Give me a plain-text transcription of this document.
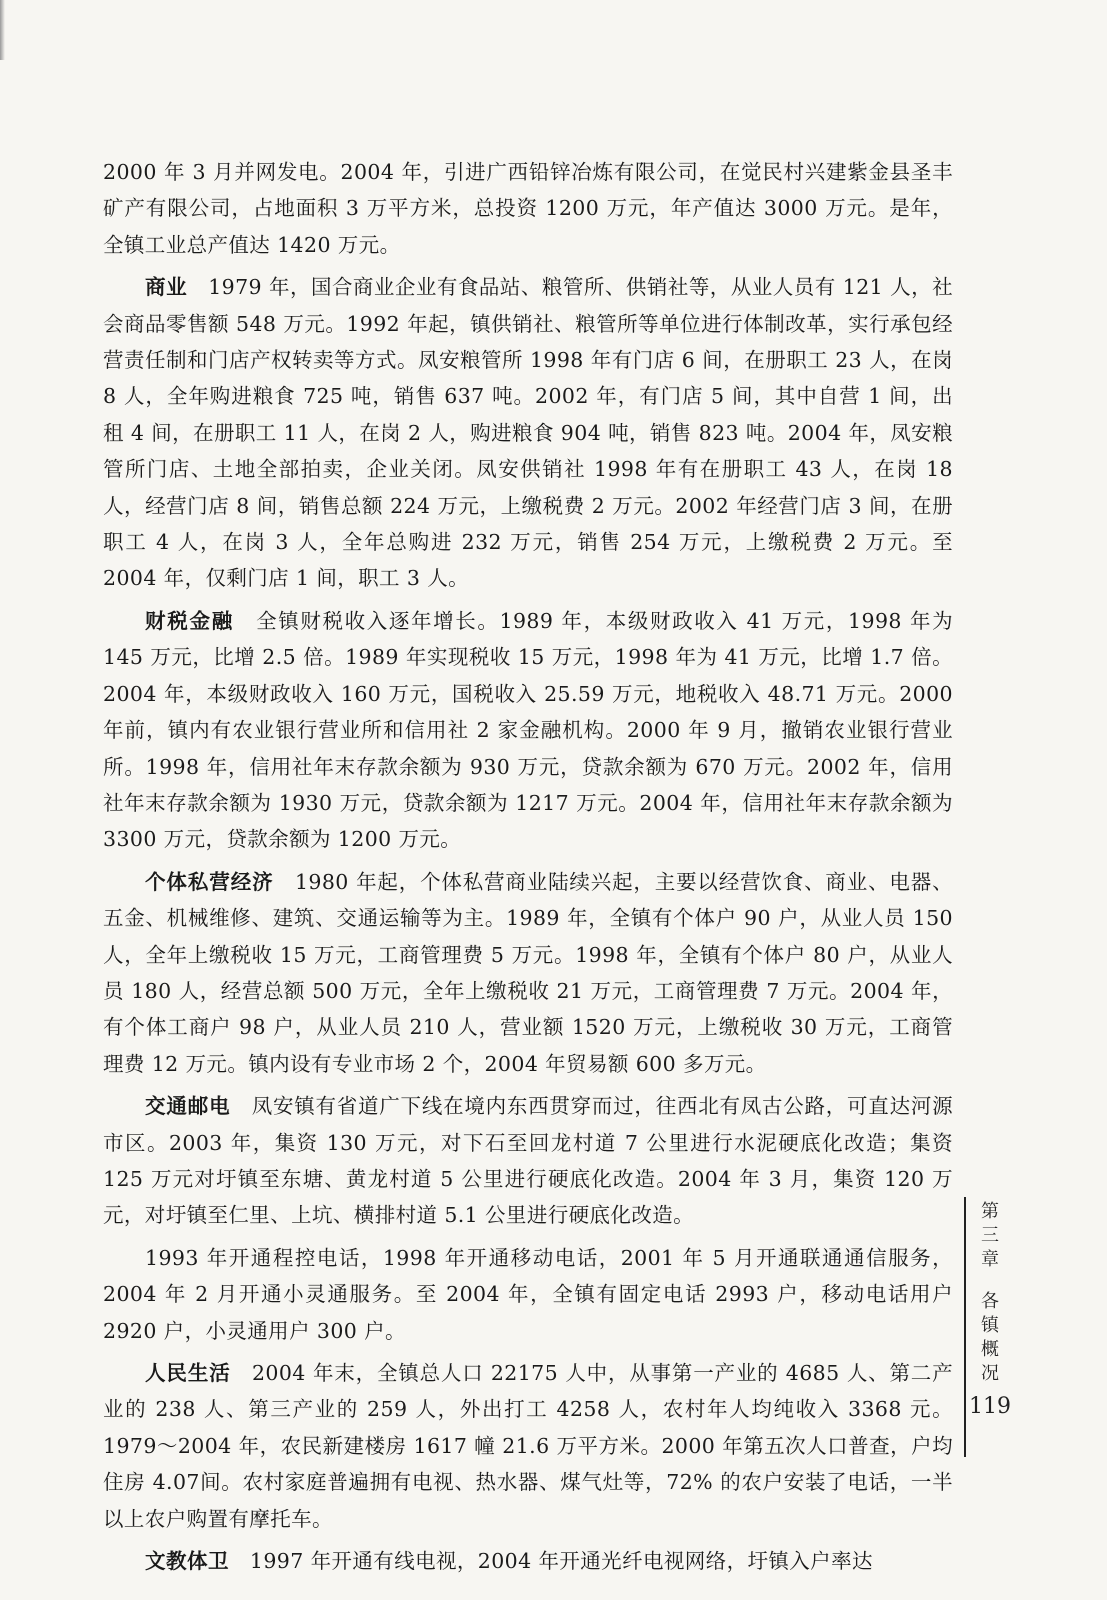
2000 年 3 月并网发电。2004 年，引进广西铅锌冶炼有限公司，在觉民村兴建紫金县圣丰矿产有限公司，占地面积 3 万平方米，总投资 1200 万元，年产值达 3000 万元。是年，全镇工业总产值达 1420 万元。

商业　 1979 年，国合商业企业有食品站、粮管所、供销社等，从业人员有 121 人，社会商品零售额 548 万元。1992 年起，镇供销社、粮管所等单位进行体制改革，实行承包经营责任制和门店产权转卖等方式。凤安粮管所 1998 年有门店 6 间，在册职工 23 人，在岗 8 人，全年购进粮食 725 吨，销售 637 吨。2002 年，有门店 5 间，其中自营 1 间，出租 4 间，在册职工 11 人，在岗 2 人，购进粮食 904 吨，销售 823 吨。2004 年，凤安粮管所门店、土地全部拍卖，企业关闭。凤安供销社 1998 年有在册职工 43 人，在岗 18 人，经营门店 8 间，销售总额 224 万元，上缴税费 2 万元。2002 年经营门店 3 间，在册职工 4 人，在岗 3 人，全年总购进 232 万元，销售 254 万元，上缴税费 2 万元。至 2004 年，仅剩门店 1 间，职工 3 人。

财税金融　 全镇财税收入逐年增长。1989 年，本级财政收入 41 万元，1998 年为 145 万元，比增 2.5 倍。1989 年实现税收 15 万元，1998 年为 41 万元，比增 1.7 倍。2004 年，本级财政收入 160 万元，国税收入 25.59 万元，地税收入 48.71 万元。2000 年前，镇内有农业银行营业所和信用社 2 家金融机构。2000 年 9 月，撤销农业银行营业所。1998 年，信用社年末存款余额为 930 万元，贷款余额为 670 万元。2002 年，信用社年末存款余额为 1930 万元，贷款余额为 1217 万元。2004 年，信用社年末存款余额为 3300 万元，贷款余额为 1200 万元。

个体私营经济　 1980 年起，个体私营商业陆续兴起，主要以经营饮食、商业、电器、五金、机械维修、建筑、交通运输等为主。1989 年，全镇有个体户 90 户，从业人员 150 人，全年上缴税收 15 万元，工商管理费 5 万元。1998 年，全镇有个体户 80 户，从业人员 180 人，经营总额 500 万元，全年上缴税收 21 万元，工商管理费 7 万元。2004 年，有个体工商户 98 户，从业人员 210 人，营业额 1520 万元，上缴税收 30 万元，工商管理费 12 万元。镇内设有专业市场 2 个，2004 年贸易额 600 多万元。

交通邮电　 凤安镇有省道广下线在境内东西贯穿而过，往西北有凤古公路，可直达河源市区。2003 年，集资 130 万元，对下石至回龙村道 7 公里进行水泥硬底化改造；集资 125 万元对圩镇至东塘、黄龙村道 5 公里进行硬底化改造。2004 年 3 月，集资 120 万元，对圩镇至仁里、上坑、横排村道 5.1 公里进行硬底化改造。

1993 年开通程控电话，1998 年开通移动电话，2001 年 5 月开通联通通信服务，2004 年 2 月开通小灵通服务。至 2004 年，全镇有固定电话 2993 户，移动电话用户 2920 户，小灵通用户 300 户。

人民生活　 2004 年末，全镇总人口 22175 人中，从事第一产业的 4685 人、第二产业的 238 人、第三产业的 259 人，外出打工 4258 人，农村年人均纯收入 3368 元。1979～2004 年，农民新建楼房 1617 幢 21.6 万平方米。2000 年第五次人口普查，户均住房 4.07间。农村家庭普遍拥有电视、热水器、煤气灶等，72% 的农户安装了电话，一半以上农户购置有摩托车。

文教体卫　 1997 年开通有线电视，2004 年开通光纤电视网络，圩镇入户率达

第三章
各镇概况
119
